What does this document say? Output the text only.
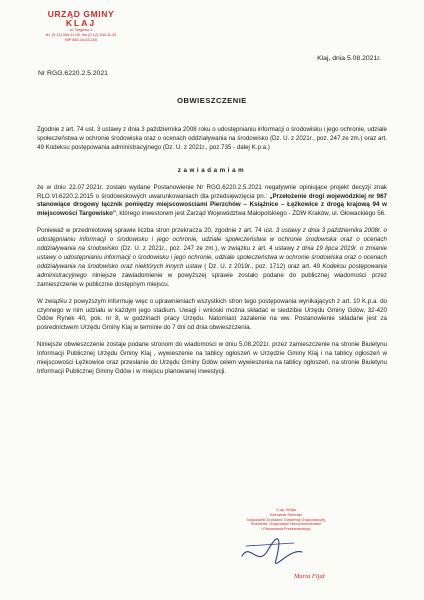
URZĄD GMINY
KLAJ
ul. Targowa 1
tel. (0-12) 284-11-00, fax (0-12) 284-11-33
NIP 683-16-53-165
Nr RGG.6220.2.5.2021
Klaj, dnia 5.08.2021r.
OBWIESZCZENIE

Zgodnie z art. 74 ust. 3 ustawy z dnia 3 października 2008 roku o udostępnianiu informacji o środowisku i jego ochronie, udziale społeczeństwa w ochronie środowiska oraz o ocenach oddziaływania na środowisko (Dz. U. z 2021r., poz. 247 ze zm.) oraz art. 49 Kodeksu postępowania administracyjnego (Dz. U. z 2021r., poz.735 - dalej K.p.a.)

zawiadamiam

że w dniu 22.07.2021r. zostało wydane Postanowienie Nr RGG.6220.2.5.2021 negatywnie opiniujące projekt decyzji znak RLO.VI.6220.2.2015 o środowiskowych uwarunkowaniach dla przedsięwzięcia pn.: „Przełożenie drogi wojewódzkiej nr 967 stanowiące drogowy łącznik pomiędzy miejscowościami Pierzchów – Książnice – Łężkowice z drogą krajową 94 w miejscowości Targowisko”, którego inwestorem jest Zarząd Województwa Małopolskiego - ZDW Kraków, ul. Głowackiego 56.

Ponieważ w przedmiotowej sprawie liczba stron przekracza 20, zgodnie z art. 74 ust. 3 ustawy z dnia 3 października 2008r. o udostępnianiu informacji o środowisku i jego ochronie, udziale społeczeństwa w ochronie środowiska oraz o ocenach oddziaływania na środowisko (Dz. U. z 2021r., poz. 247 ze zm.), w związku z art. 4 ustawy z dnia 19 lipca 2019r. o zmianie ustawy o udostępnianiu informacji o środowisku i jego ochronie, udziale społeczeństwa w ochronie środowiska oraz o ocenach oddziaływania na środowisko oraz niektórych innych ustaw ( Dz. U. z 2019r., poz. 1712) oraz art. 49 Kodeksu postępowania administracyjnego niniejsze zawiadomienie w powyższej sprawie zostało podane do publicznej wiadomości przez zamieszczenie w publicznie dostępnym miejscu.

W związku z powyższym informuję więc o uprawnieniach wszystkich stron tego postępowania wynikających z art. 10 K.p.a. do czynnego w nim udziału w każdym jego stadium. Uwagi i wnioski można składać w siedzibie Urzędu Gminy Gdów, 32-420 Gdów Rynek 40, pok. nr 8, w godzinach pracy Urzędu. Natomiast zażalenie na ww. Postanowienie składane jest za pośrednictwem Urzędu Gminy Klaj w terminie do 7 dni od dnia obwieszczenia.

Niniejsze obwieszczenie zostaje podane stronom do wiadomości w dniu 5.08.2021r. przez zamieszczenie na stronie Biuletynu Informacji Publicznej Urzędu Gminy Klaj , wywieszenie na tablicy ogłoszeń w Urzędzie Gminy Klaj i na tablicy ogłoszeń w miejscowości Łężkowice oraz przesłanie do Urzędu Gminy Gdów celem wywieszenia na tablicy ogłoszeń, na stronie Biuletynu Informacji Publicznej Gminy Gdów i w miejscu planowanej inwestycji.

Z-up. Wójta
Kierownik Referatu
Gospodarki Gruntami, Ewidencji Gospodarczej,
Rolnictwa, Gospodarki Nieruchomościami
i Planowania Przestrzennego
Marta Fijał
